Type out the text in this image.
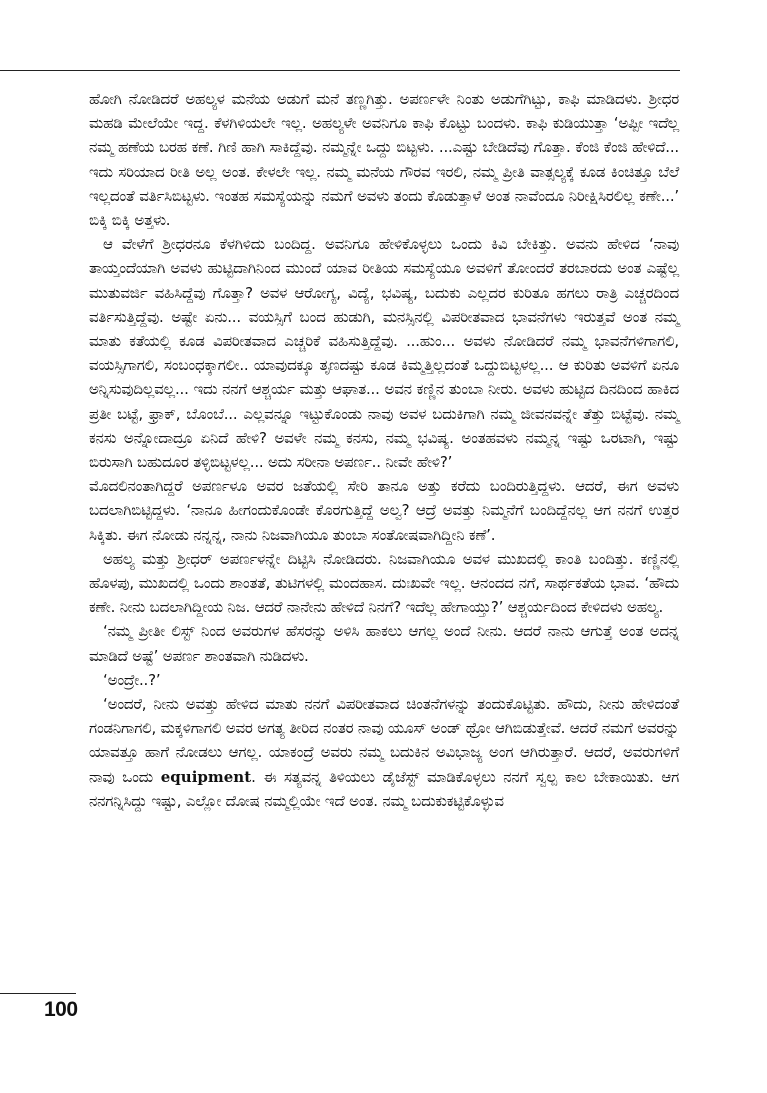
ಹೋಗಿ ನೋಡಿದರೆ ಅಹಲ್ಯಳ ಮನೆಯ ಅಡುಗೆ ಮನೆ ತಣ್ಣಗಿತ್ತು. ಅಪರ್ಣಳೇ ನಿಂತು ಅಡುಗೆಗಿಟ್ಟು, ಕಾಫಿ ಮಾಡಿದಳು. ಶ್ರೀಧರ ಮಹಡಿ ಮೇಲೆಯೇ ಇದ್ದ. ಕೆಳಗಿಳಿಯಲೇ ಇಲ್ಲ. ಅಹಲ್ಯಳೇ ಅವನಿಗೂ ಕಾಫಿ ಕೊಟ್ಟು ಬಂದಳು. ಕಾಫಿ ಕುಡಿಯುತ್ತಾ ‘ಅಪ್ಪೀ ಇದೆಲ್ಲ ನಮ್ಮ ಹಣೆಯ ಬರಹ ಕಣೆ. ಗಿಣಿ ಹಾಗಿ ಸಾಕಿದ್ದೆವು. ನಮ್ಮನ್ನೇ ಒದ್ದು ಬಿಟ್ಟಳು. ...ಎಷ್ಟು ಬೇಡಿದೆವು ಗೊತ್ತಾ. ಕೆಂಜಿ ಕೆಂಜಿ ಹೇಳಿದೆ... ಇದು ಸರಿಯಾದ ರೀತಿ ಅಲ್ಲ ಅಂತ. ಕೇಳಲೇ ಇಲ್ಲ. ನಮ್ಮ ಮನೆಯ ಗೌರವ ಇರಲಿ, ನಮ್ಮ ಪ್ರೀತಿ ವಾತ್ಸಲ್ಯಕ್ಕೆ ಕೂಡ ಕಿಂಚಿತ್ತೂ ಬೆಲೆ ಇಲ್ಲದಂತೆ ವರ್ತಿಸಿಬಿಟ್ಟಳು. ಇಂತಹ ಸಮಸ್ಯೆಯನ್ನು ನಮಗೆ ಅವಳು ತಂದು ಕೊಡುತ್ತಾಳೆ ಅಂತ ನಾವೆಂದೂ ನಿರೀಕ್ಷಿಸಿರಲಿಲ್ಲ ಕಣೇ...’ ಬಿಕ್ಕಿ ಬಿಕ್ಕಿ ಅತ್ತಳು.

ಆ ವೇಳೆಗೆ ಶ್ರೀಧರನೂ ಕೆಳಗಿಳಿದು ಬಂದಿದ್ದ. ಅವನಿಗೂ ಹೇಳಿಕೊಳ್ಳಲು ಒಂದು ಕಿವಿ ಬೇಕಿತ್ತು. ಅವನು ಹೇಳಿದ ‘ನಾವು ತಾಯ್ತಂದೆಯಾಗಿ ಅವಳು ಹುಟ್ಟಿದಾಗಿನಿಂದ ಮುಂದೆ ಯಾವ ರೀತಿಯ ಸಮಸ್ಯೆಯೂ ಅವಳಿಗೆ ತೋಂದರೆ ತರಬಾರದು ಅಂತ ಎಷ್ಟೆಲ್ಲ ಮುತುವರ್ಜಿ ವಹಿಸಿದ್ದೆವು ಗೊತ್ತಾ? ಅವಳ ಆರೋಗ್ಯ, ವಿದ್ಯೆ, ಭವಿಷ್ಯ, ಬದುಕು ಎಲ್ಲದರ ಕುರಿತೂ ಹಗಲು ರಾತ್ರಿ ಎಚ್ಚರದಿಂದ ವರ್ತಿಸುತ್ತಿದ್ದೆವು. ಅಷ್ಟೇ ಏನು... ವಯಸ್ಸಿಗೆ ಬಂದ ಹುಡುಗಿ, ಮನಸ್ಸಿನಲ್ಲಿ ವಿಪರೀತವಾದ ಭಾವನೆಗಳು ಇರುತ್ತವೆ ಅಂತ ನಮ್ಮ ಮಾತು ಕತೆಯಲ್ಲಿ ಕೂಡ ವಿಪರೀತವಾದ ಎಚ್ಚರಿಕೆ ವಹಿಸುತ್ತಿದ್ದೆವು. ...ಹುಂ... ಅವಳು ನೋಡಿದರೆ ನಮ್ಮ ಭಾವನೆಗಳಿಗಾಗಲಿ, ವಯಸ್ಸಿಗಾಗಲಿ, ಸಂಬಂಧಕ್ಕಾಗಲೀ.. ಯಾವುದಕ್ಕೂ ತೃಣದಷ್ಟು ಕೂಡ ಕಿಮ್ಮತ್ತಿಲ್ಲದಂತೆ ಒದ್ದುಬಿಟ್ಟಳಲ್ಲ... ಆ ಕುರಿತು ಅವಳಿಗೆ ಏನೂ ಅನ್ನಿಸುವುದಿಲ್ಲವಲ್ಲ... ಇದು ನನಗೆ ಆಶ್ಚರ್ಯ ಮತ್ತು ಆಘಾತ... ಅವನ ಕಣ್ಣಿನ ತುಂಬಾ ನೀರು. ಅವಳು ಹುಟ್ಟಿದ ದಿನದಿಂದ ಹಾಕಿದ ಪ್ರತೀ ಬಟ್ಟೆ, ಫ್ರಾಕ್, ಬೊಂಬೆ... ಎಲ್ಲವನ್ನೂ ಇಟ್ಟುಕೊಂಡು ನಾವು ಅವಳ ಬದುಕಿಗಾಗಿ ನಮ್ಮ ಜೀವನವನ್ನೇ ತೆತ್ತು ಬಿಟ್ಟೆವು. ನಮ್ಮ ಕನಸು ಅನ್ನೋದಾದ್ರೂ ಏನಿದೆ ಹೇಳಿ? ಅವಳೇ ನಮ್ಮ ಕನಸು, ನಮ್ಮ ಭವಿಷ್ಯ. ಅಂತಹವಳು ನಮ್ಮನ್ನ ಇಷ್ಟು ಒರಟಾಗಿ, ಇಷ್ಟು ಬಿರುಸಾಗಿ ಬಹುದೂರ ತಳ್ಳಿಬಿಟ್ಟಳಲ್ಲ... ಅದು ಸರೀನಾ ಅಪರ್ಣ.. ನೀವೇ ಹೇಳಿ?’

ಮೊದಲಿನಂತಾಗಿದ್ದರೆ ಅಪರ್ಣಳೂ ಅವರ ಜತೆಯಲ್ಲಿ ಸೇರಿ ತಾನೂ ಅತ್ತು ಕರೆದು ಬಂದಿರುತ್ತಿದ್ದಳು. ಆದರೆ, ಈಗ ಅವಳು ಬದಲಾಗಿಬಿಟ್ಟಿದ್ದಳು. ‘ನಾನೂ ಹೀಗಂದುಕೊಂಡೇ ಕೊರಗುತ್ತಿದ್ದೆ ಅಲ್ವ? ಆದ್ರೆ ಅವತ್ತು ನಿಮ್ಮನೆಗೆ ಬಂದಿದ್ದೆನಲ್ಲ ಆಗ ನನಗೆ ಉತ್ತರ ಸಿಕ್ಕಿತು. ಈಗ ನೋಡು ನನ್ನನ್ನ, ನಾನು ನಿಜವಾಗಿಯೂ ತುಂಬಾ ಸಂತೋಷವಾಗಿದ್ದೀನಿ ಕಣೆ’.

ಅಹಲ್ಯ ಮತ್ತು ಶ್ರೀಧರ್ ಅಪರ್ಣಳನ್ನೇ ದಿಟ್ಟಿಸಿ ನೋಡಿದರು. ನಿಜವಾಗಿಯೂ ಅವಳ ಮುಖದಲ್ಲಿ ಕಾಂತಿ ಬಂದಿತ್ತು. ಕಣ್ಣಿನಲ್ಲಿ ಹೊಳಪು, ಮುಖದಲ್ಲಿ ಒಂದು ಶಾಂತತೆ, ತುಟಿಗಳಲ್ಲಿ ಮಂದಹಾಸ. ದುಃಖವೇ ಇಲ್ಲ. ಆನಂದದ ನಗೆ, ಸಾರ್ಥಕತೆಯ ಭಾವ. ‘ಹೌದು ಕಣೇ. ನೀನು ಬದಲಾಗಿದ್ದೀಯ ನಿಜ. ಆದರೆ ನಾನೇನು ಹೇಳಿದೆ ನಿನಗೆ? ಇದೆಲ್ಲ ಹೇಗಾಯ್ತು?’ ಆಶ್ಚರ್ಯದಿಂದ ಕೇಳಿದಳು ಅಹಲ್ಯ.

‘ನಮ್ಮ ಪ್ರೀತೀ ಲಿಸ್ಟ್ ನಿಂದ ಅವರುಗಳ ಹೆಸರನ್ನು ಅಳಿಸಿ ಹಾಕಲು ಆಗಲ್ಲ ಅಂದೆ ನೀನು. ಆದರೆ ನಾನು ಆಗುತ್ತೆ ಅಂತ ಅದನ್ನ ಮಾಡಿದೆ ಅಷ್ಟೆ’ ಅಪರ್ಣ ಶಾಂತವಾಗಿ ನುಡಿದಳು.

‘ಅಂದ್ರೇ..?’

‘ಅಂದರೆ, ನೀನು ಅವತ್ತು ಹೇಳಿದ ಮಾತು ನನಗೆ ವಿಪರೀತವಾದ ಚಿಂತನೆಗಳನ್ನು ತಂದುಕೊಟ್ಟಿತು. ಹೌದು, ನೀನು ಹೇಳಿದಂತೆ ಗಂಡನಿಗಾಗಲಿ, ಮಕ್ಕಳಿಗಾಗಲಿ ಅವರ ಅಗತ್ಯ ತೀರಿದ ನಂತರ ನಾವು ಯೂಸ್ ಅಂಡ್ ಥ್ರೋ ಆಗಿಬಿಡುತ್ತೇವೆ. ಆದರೆ ನಮಗೆ ಅವರನ್ನು ಯಾವತ್ತೂ ಹಾಗೆ ನೋಡಲು ಆಗಲ್ಲ. ಯಾಕಂದ್ರೆ ಅವರು ನಮ್ಮ ಬದುಕಿನ ಅವಿಭಾಜ್ಯ ಅಂಗ ಆಗಿರುತ್ತಾರೆ. ಆದರೆ, ಅವರುಗಳಿಗೆ ನಾವು ಒಂದು equipment. ಈ ಸತ್ಯವನ್ನ ತಿಳಿಯಲು ಡೈಜೆಸ್ಟ್ ಮಾಡಿಕೊಳ್ಳಲು ನನಗೆ ಸ್ವಲ್ಪ ಕಾಲ ಬೇಕಾಯಿತು. ಆಗ ನನಗನ್ನಿಸಿದ್ದು ಇಷ್ಟು, ಎಲ್ಲೋ ದೋಷ ನಮ್ಮಲ್ಲಿಯೇ ಇದೆ ಅಂತ. ನಮ್ಮ ಬದುಕುಕಟ್ಟಿಕೊಳ್ಳುವ

100
